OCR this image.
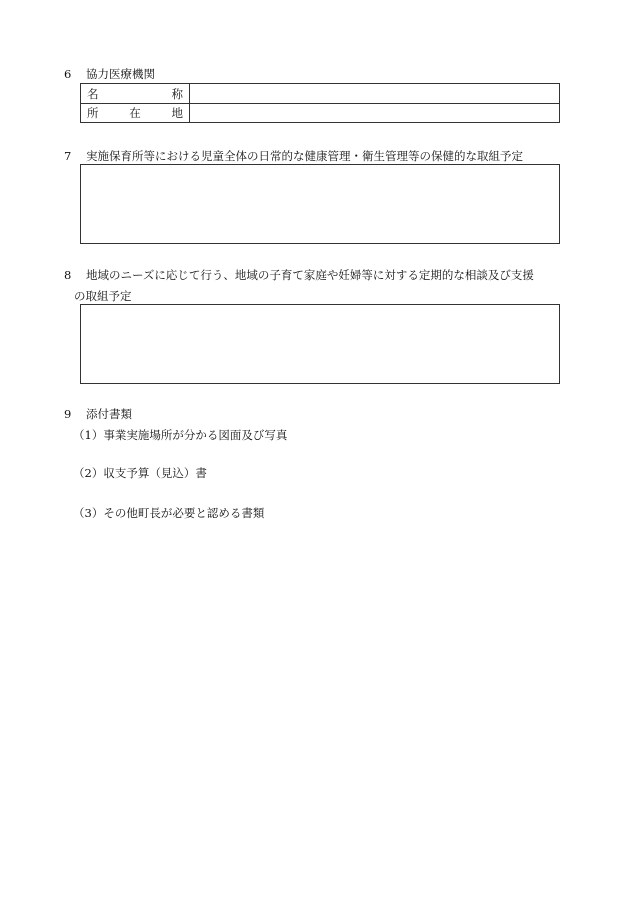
6 協力医療機関
名	称
所	在	地
7 実施保育所等における児童全体の日常的な健康管理・衛生管理等の保健的な取組予定
8 地域のニーズに応じて行う、地域の子育て家庭や妊婦等に対する定期的な相談及び支援
の取組予定
9 添付書類
（1）事業実施場所が分かる図面及び写真
（2）収支予算（見込）書
（3）その他町長が必要と認める書類
